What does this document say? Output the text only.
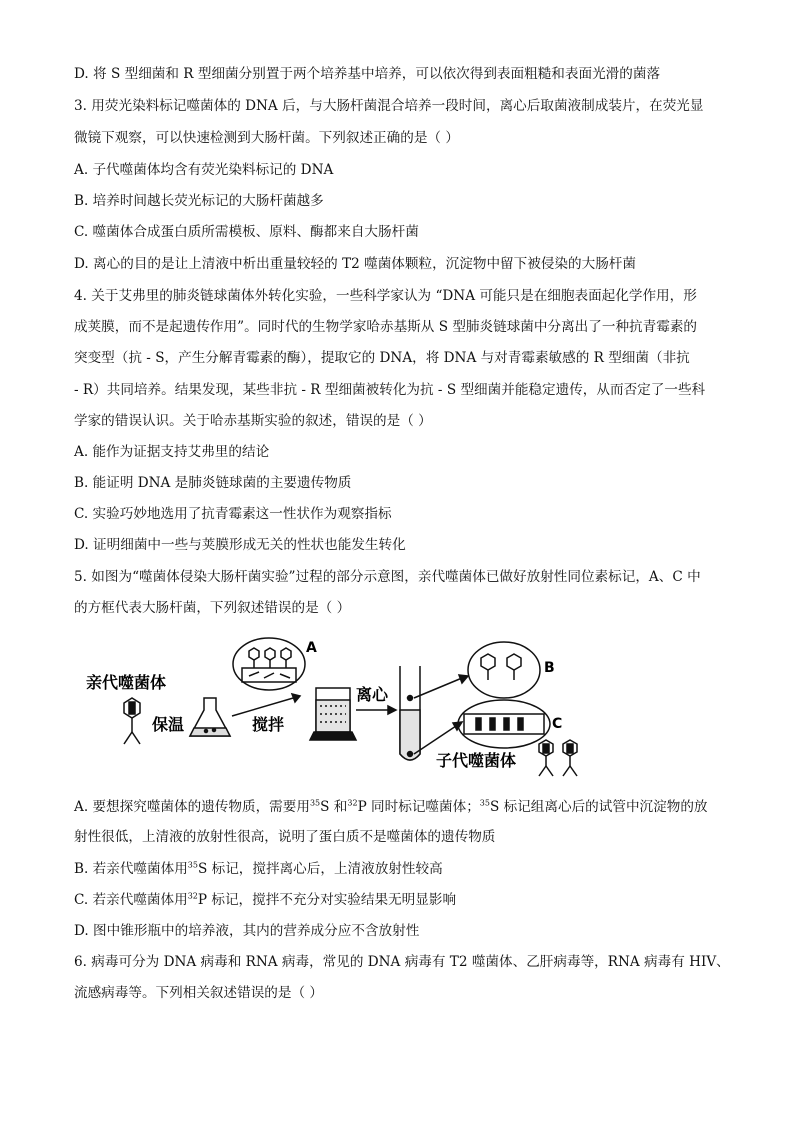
D. 将 S 型细菌和 R 型细菌分别置于两个培养基中培养，可以依次得到表面粗糙和表面光滑的菌落
3. 用荧光染料标记噬菌体的 DNA 后，与大肠杆菌混合培养一段时间，离心后取菌液制成装片，在荧光显
微镜下观察，可以快速检测到大肠杆菌。下列叙述正确的是（ ）
A. 子代噬菌体均含有荧光染料标记的 DNA
B. 培养时间越长荧光标记的大肠杆菌越多
C. 噬菌体合成蛋白质所需模板、原料、酶都来自大肠杆菌
D. 离心的目的是让上清液中析出重量较轻的 T2 噬菌体颗粒，沉淀物中留下被侵染的大肠杆菌
4. 关于艾弗里的肺炎链球菌体外转化实验，一些科学家认为 “DNA 可能只是在细胞表面起化学作用，形
成荚膜，而不是起遗传作用”。同时代的生物学家哈赤基斯从 S 型肺炎链球菌中分离出了一种抗青霉素的
突变型（抗 - S，产生分解青霉素的酶），提取它的 DNA，将 DNA 与对青霉素敏感的 R 型细菌（非抗
- R）共同培养。结果发现，某些非抗 - R 型细菌被转化为抗 - S 型细菌并能稳定遗传，从而否定了一些科
学家的错误认识。关于哈赤基斯实验的叙述，错误的是（ ）
A. 能作为证据支持艾弗里的结论
B. 能证明 DNA 是肺炎链球菌的主要遗传物质
C. 实验巧妙地选用了抗青霉素这一性状作为观察指标
D. 证明细菌中一些与荚膜形成无关的性状也能发生转化
5. 如图为“噬菌体侵染大肠杆菌实验”过程的部分示意图，亲代噬菌体已做好放射性同位素标记，A、C 中
的方框代表大肠杆菌，下列叙述错误的是（ ）
亲代噬菌体
保温	搅拌
A
离心
B
C
子代噬菌体
A. 要想探究噬菌体的遗传物质，需要用$^{35}$S 和$^{32}$P 同时标记噬菌体；$^{35}$S 标记组离心后的试管中沉淀物的放
射性很低，上清液的放射性很高，说明了蛋白质不是噬菌体的遗传物质
B. 若亲代噬菌体用$^{35}$S 标记，搅拌离心后，上清液放射性较高
C. 若亲代噬菌体用$^{32}$P 标记，搅拌不充分对实验结果无明显影响
D. 图中锥形瓶中的培养液，其内的营养成分应不含放射性
6. 病毒可分为 DNA 病毒和 RNA 病毒，常见的 DNA 病毒有 T2 噬菌体、乙肝病毒等，RNA 病毒有 HIV、
流感病毒等。下列相关叙述错误的是（ ）
